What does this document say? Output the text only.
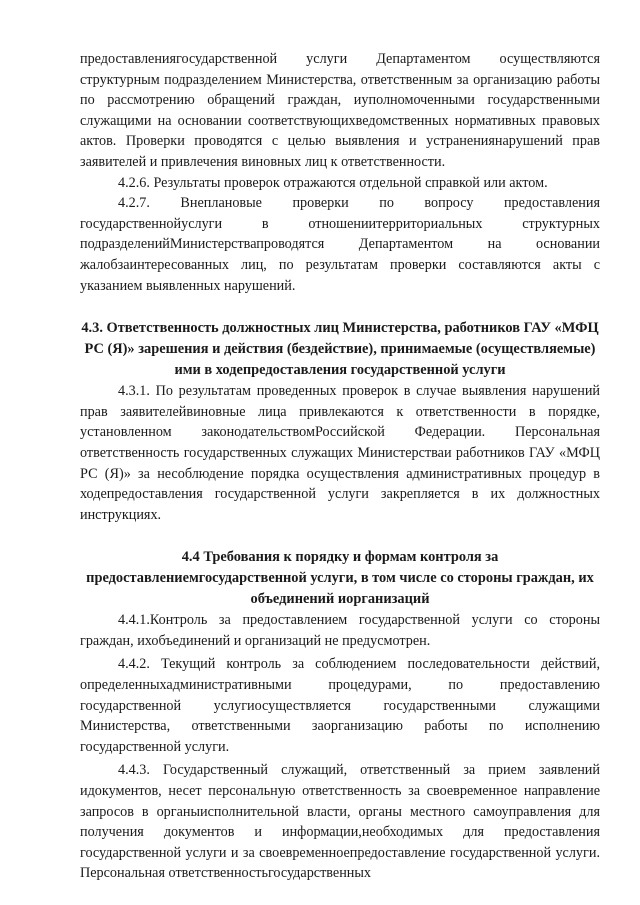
предоставлениягосударственной услуги Департаментом осуществляются структурным подразделением Министерства, ответственным за организацию работы по рассмотрению обращений граждан, иуполномоченными государственными служащими на основании соответствующихведомственных нормативных правовых актов. Проверки проводятся с целью выявления и устранениянарушений прав заявителей и привлечения виновных лиц к ответственности.

4.2.6. Результаты проверок отражаются отдельной справкой или актом.

4.2.7. Внеплановые проверки по вопросу предоставления государственнойуслуги в отношениитерриториальных структурных подразделенийМинистерствапроводятся Департаментом на основании жалобзаинтересованных лиц, по результатам проверки составляются акты с указанием выявленных нарушений.

4.3. Ответственность должностных лиц Министерства, работников ГАУ «МФЦ РС (Я)» зарешения и действия (бездействие), принимаемые (осуществляемые) ими в ходепредоставления государственной услуги

4.3.1. По результатам проведенных проверок в случае выявления нарушений прав заявителейвиновные лица привлекаются к ответственности в порядке, установленном законодательствомРоссийской Федерации. Персональная ответственность государственных служащих Министерстваи работников ГАУ «МФЦ РС (Я)» за несоблюдение порядка осуществления административных процедур в ходепредоставления государственной услуги закрепляется в их должностных инструкциях.

4.4 Требования к порядку и формам контроля за предоставлениемгосударственной услуги, в том числе со стороны граждан, их объединений иорганизаций

4.4.1.Контроль за предоставлением государственной услуги со стороны граждан, ихобъединений и организаций не предусмотрен.

4.4.2. Текущий контроль за соблюдением последовательности действий, определенныхадминистративными процедурами, по предоставлению государственной услугиосуществляется государственными служащими Министерства, ответственными заорганизацию работы по исполнению государственной услуги.

4.4.3. Государственный служащий, ответственный за прием заявлений идокументов, несет персональную ответственность за своевременное направление запросов в органыисполнительной власти, органы местного самоуправления для получения документов и информации,необходимых для предоставления государственной услуги и за своевременноепредоставление государственной услуги. Персональная ответственностьгосударственных
